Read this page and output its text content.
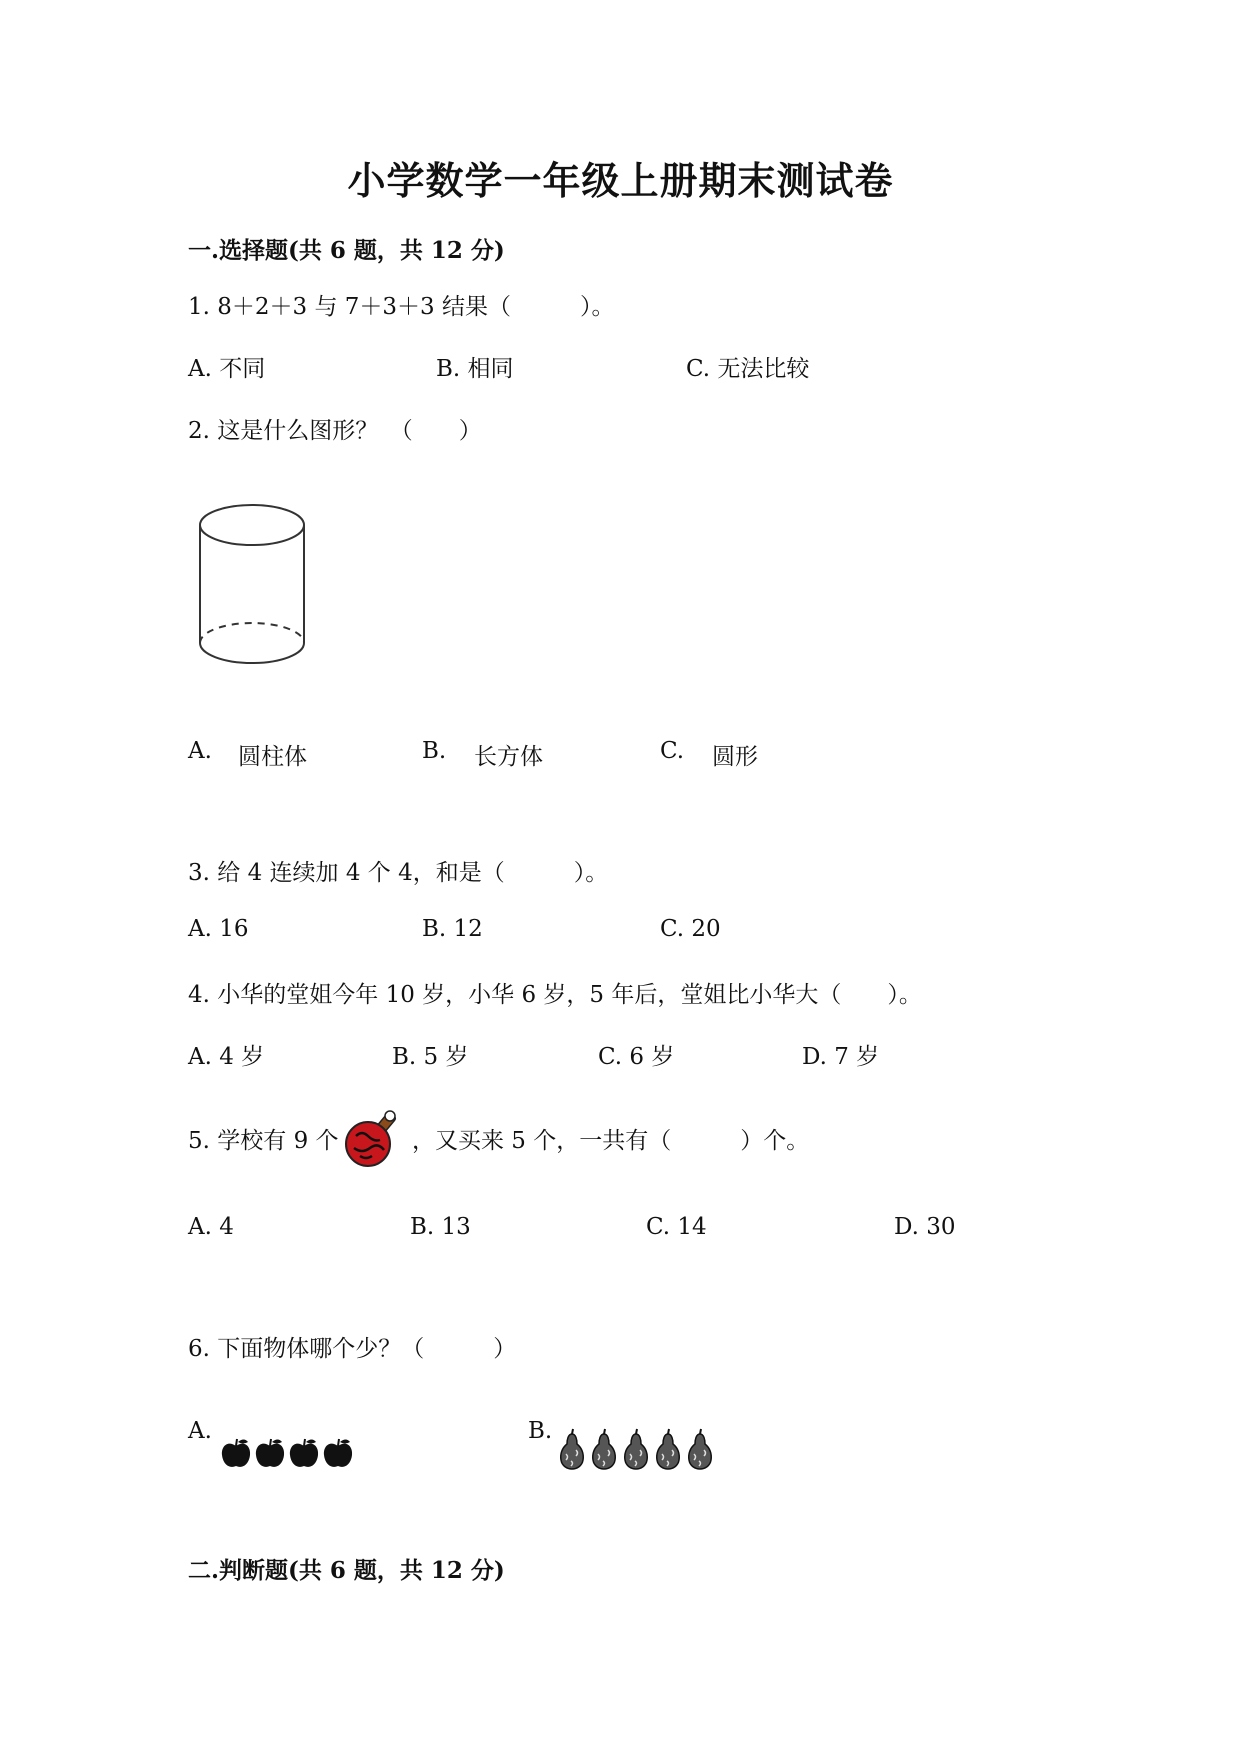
小学数学一年级上册期末测试卷
一.选择题(共 6 题，共 12 分)
1. 8＋2＋3 与 7＋3＋3 结果（　　　）。
A. 不同	B. 相同	C. 无法比较
2. 这是什么图形？　（　　）
A. 圆柱体	B. 长方体	C. 圆形
3. 给 4 连续加 4 个 4，和是（　　　）。
A. 16	B. 12	C. 20
4. 小华的堂姐今年 10 岁，小华 6 岁，5 年后，堂姐比小华大（　　）。
A. 4 岁	B. 5 岁	C. 6 岁	D. 7 岁
5. 学校有 9 个	，又买来 5 个，一共有（　　　）个。
A. 4	B. 13	C. 14	D. 30
6. 下面物体哪个少？（　　　）
A.	B.
二.判断题(共 6 题，共 12 分)
